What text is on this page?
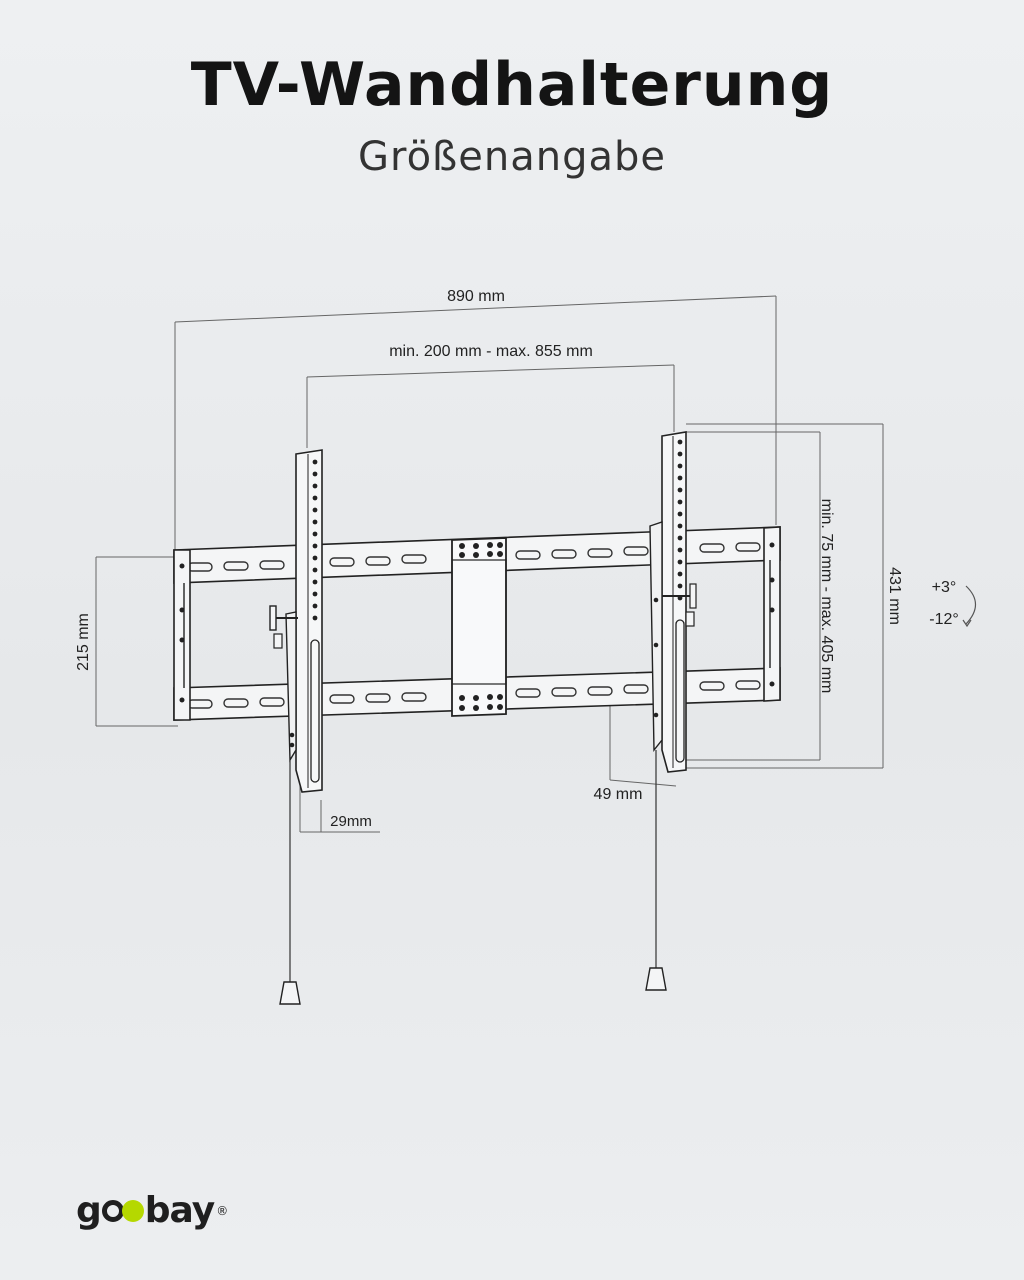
TV-Wandhalterung
Größenangabe
890 mm
min. 200 mm - max. 855 mm
215 mm	min. 75 mm - max. 405 mm	431 mm
49 mm
29mm
+3°
-12°
g bay ®
